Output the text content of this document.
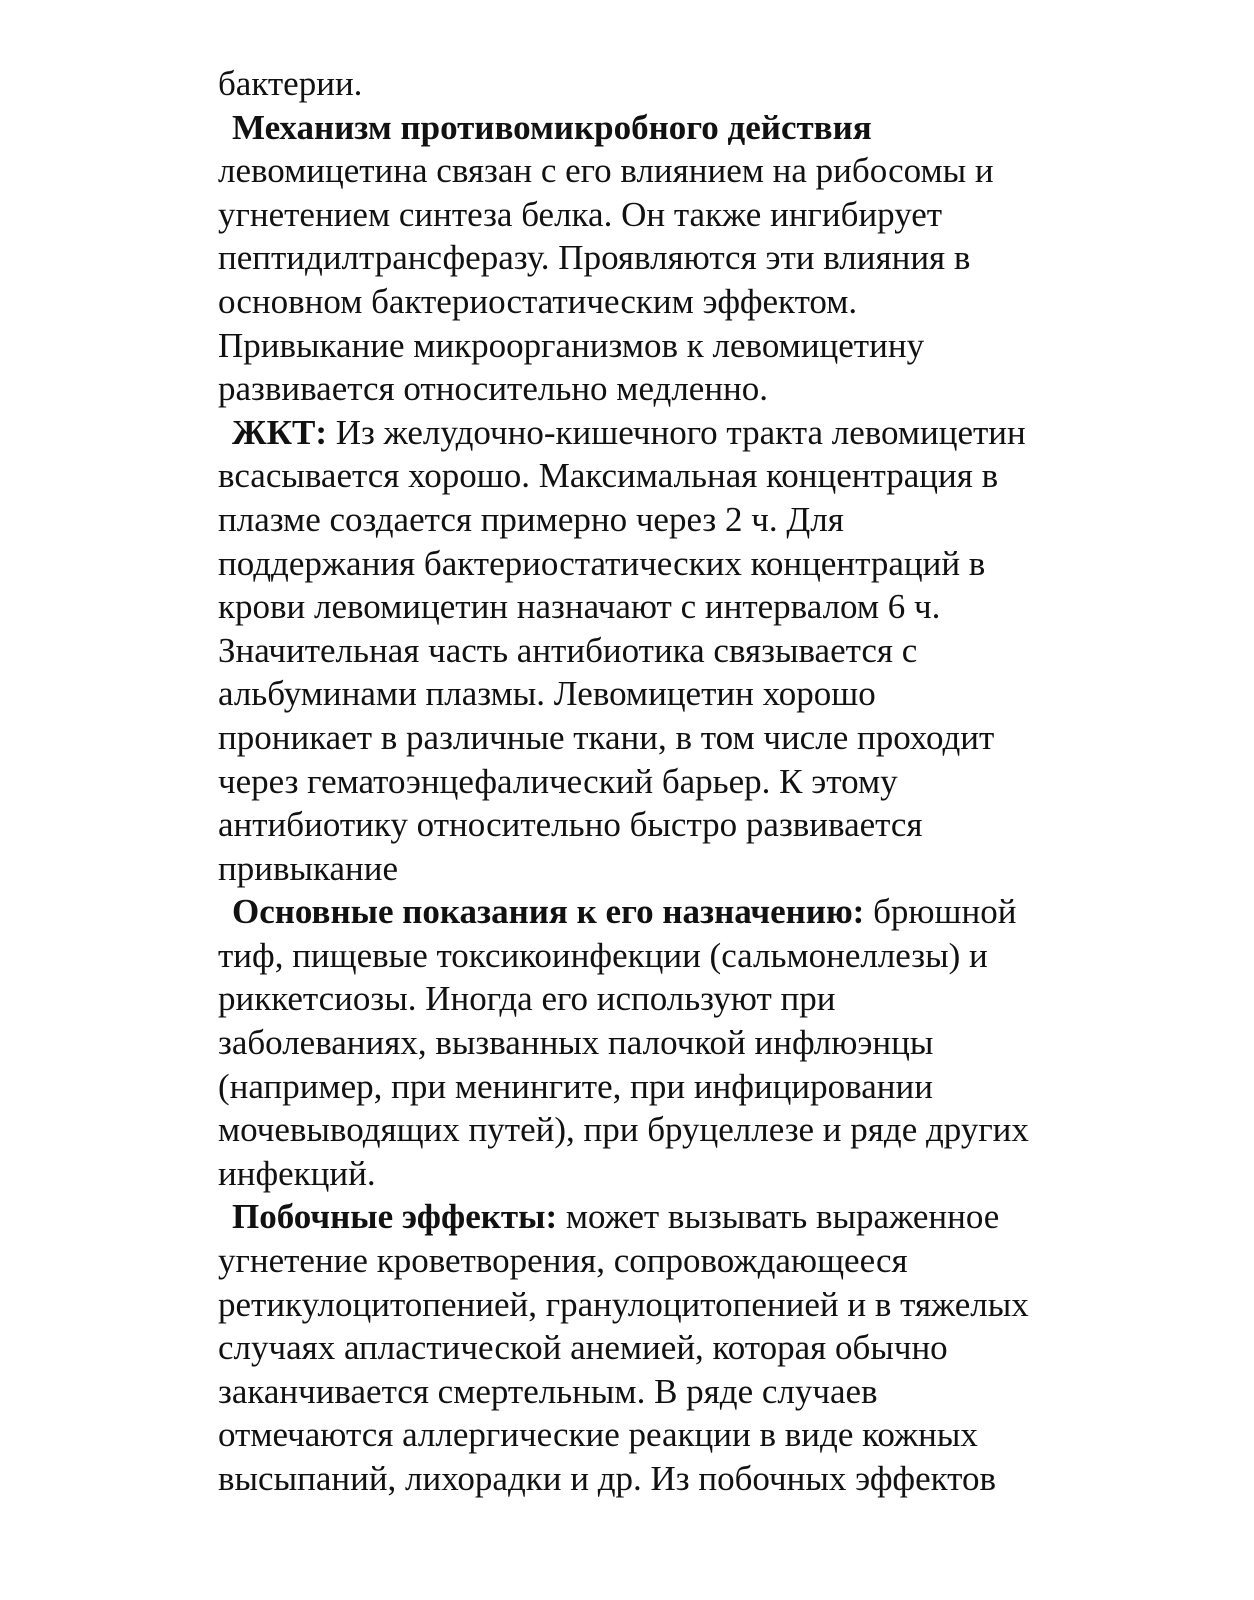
бактерии.
Механизм противомикробного действия
левомицетина связан с его влиянием на рибосомы и
угнетением синтеза белка. Он также ингибирует
пептидилтрансферазу. Проявляются эти влияния в
основном бактериостатическим эффектом.
Привыкание микроорганизмов к левомицетину
развивается относительно медленно.
ЖКТ: Из желудочно-кишечного тракта левомицетин
всасывается хорошо. Максимальная концентрация в
плазме создается примерно через 2 ч. Для
поддержания бактериостатических концентраций в
крови левомицетин назначают с интервалом 6 ч.
Значительная часть антибиотика связывается с
альбуминами плазмы. Левомицетин хорошо
проникает в различные ткани, в том числе проходит
через гематоэнцефалический барьер. К этому
антибиотику относительно быстро развивается
привыкание
Основные показания к его назначению: брюшной
тиф, пищевые токсикоинфекции (сальмонеллезы) и
риккетсиозы. Иногда его используют при
заболеваниях, вызванных палочкой инфлюэнцы
(например, при менингите, при инфицировании
мочевыводящих путей), при бруцеллезе и ряде других
инфекций.
Побочные эффекты: может вызывать выраженное
угнетение кроветворения, сопровождающееся
ретикулоцитопенией, гранулоцитопенией и в тяжелых
случаях апластической анемией, которая обычно
заканчивается смертельным. В ряде случаев
отмечаются аллергические реакции в виде кожных
высыпаний, лихорадки и др. Из побочных эффектов
